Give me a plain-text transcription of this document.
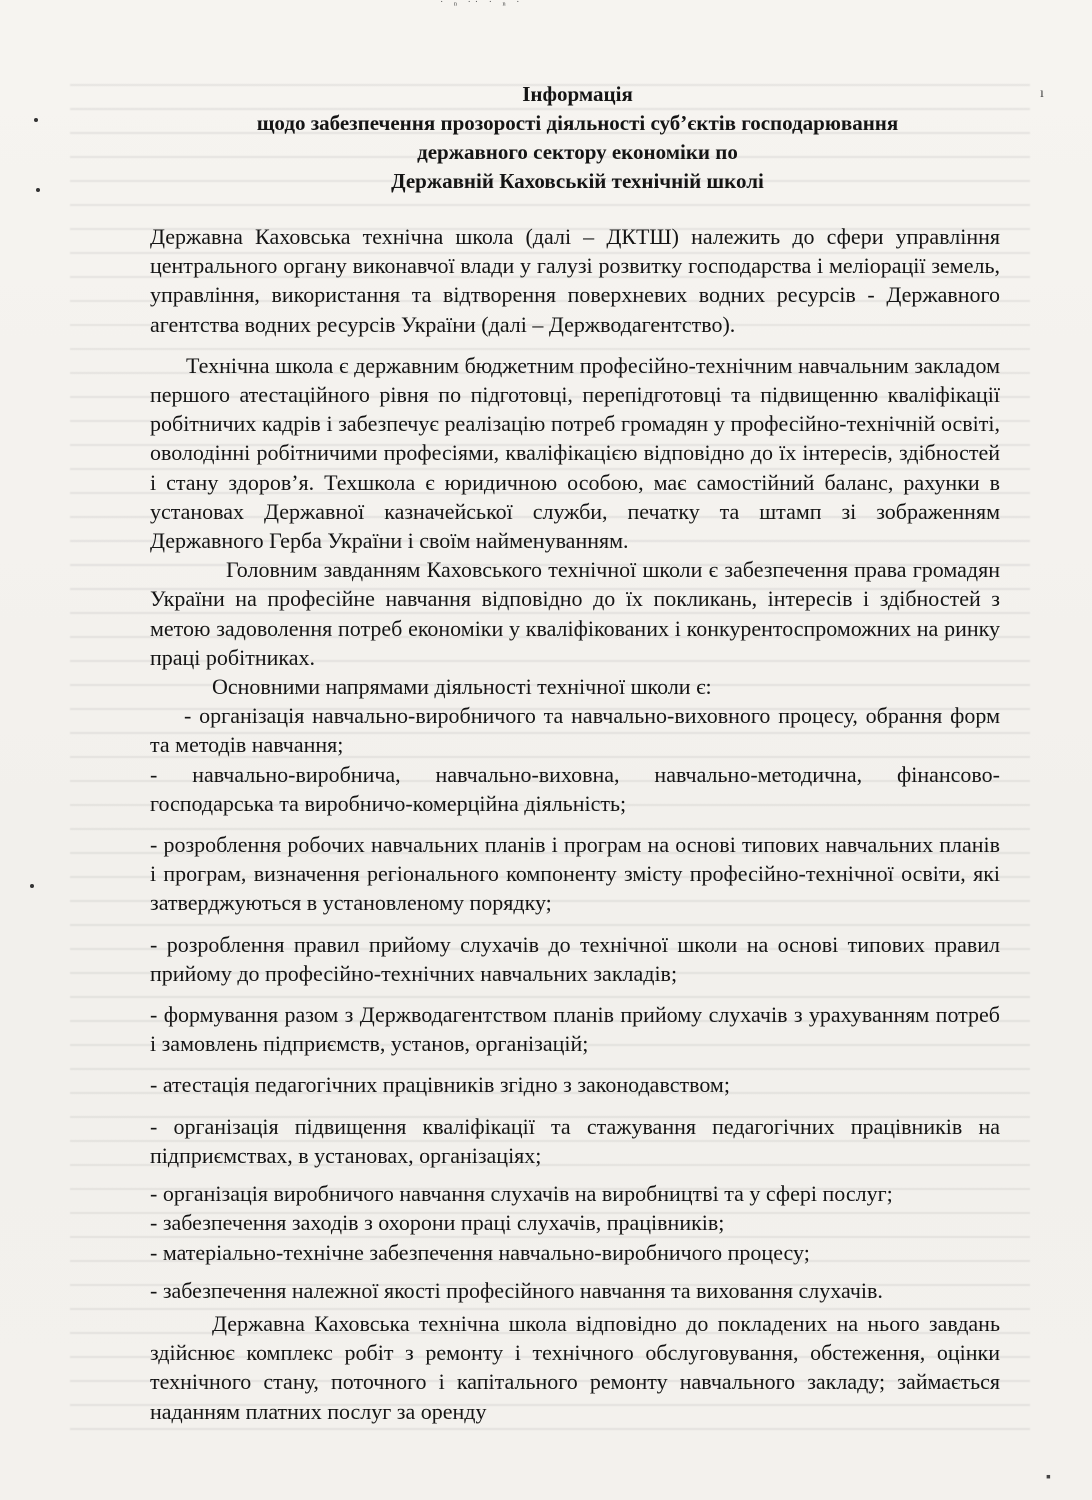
˙ ⁿ ˙˙ ˙ ⁿ ˙
ı
▪
Інформація
щодо забезпечення прозорості діяльності суб’єктів господарювання
державного сектору економіки по
Державній Каховській технічній школі

Державна Каховська технічна школа (далі – ДКТШ) належить до сфери управління центрального органу виконавчої влади у галузі розвитку господарства і меліорації земель, управління, використання та відтворення поверхневих водних ресурсів - Державного агентства водних ресурсів України (далі – Держводагентство).

Технічна школа є державним бюджетним професійно-технічним навчальним закладом першого атестаційного рівня по підготовці, перепідготовці та підвищенню кваліфікації робітничих кадрів і забезпечує реалізацію потреб громадян у професійно-технічній освіті, оволодінні робітничими професіями, кваліфікацією відповідно до їх інтересів, здібностей і стану здоров’я. Техшкола є юридичною особою, має самостійний баланс, рахунки в установах Державної казначейської служби, печатку та штамп зі зображенням Державного Герба України і своїм найменуванням.

Головним завданням Каховського технічної школи є забезпечення права громадян України на професійне навчання відповідно до їх покликань, інтересів і здібностей з метою задоволення потреб економіки у кваліфікованих і конкурентоспроможних на ринку праці робітниках.

Основними напрямами діяльності технічної школи є:

- організація навчально-виробничого та навчально-виховного процесу, обрання форм та методів навчання;

- навчально-виробнича, навчально-виховна, навчально-методична, фінансово-господарська та виробничо-комерційна діяльність;

- розроблення робочих навчальних планів і програм на основі типових навчальних планів і програм, визначення регіонального компоненту змісту професійно-технічної освіти, які затверджуються в установленому порядку;

- розроблення правил прийому слухачів до технічної школи на основі типових правил прийому до професійно-технічних навчальних закладів;

- формування разом з Держводагентством планів прийому слухачів з урахуванням потреб і замовлень підприємств, установ, організацій;

- атестація педагогічних працівників згідно з законодавством;

- організація підвищення кваліфікації та стажування педагогічних працівників на підприємствах, в установах, організаціях;

- організація виробничого навчання слухачів на виробництві та у сфері послуг;

- забезпечення заходів з охорони праці слухачів, працівників;

- матеріально-технічне забезпечення навчально-виробничого процесу;

- забезпечення належної якості професійного навчання та виховання слухачів.

Державна Каховська технічна школа відповідно до покладених на нього завдань здійснює комплекс робіт з ремонту і технічного обслуговування, обстеження, оцінки технічного стану, поточного і капітального ремонту навчального закладу; займається наданням платних послуг за оренду
